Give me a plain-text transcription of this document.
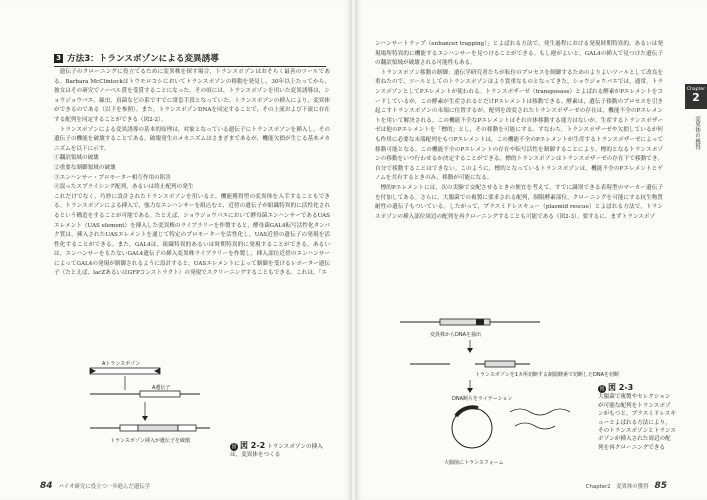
3 方法3：トランスポゾンによる変異誘導

遺伝子のクローニングに役立てるために変異株を探す場合，トランスポゾンはおそらく最善のツールである。Barbara McClintockはトウモロコシにおいてトランスポゾンの移動を発見し，30年以上たってから，彼女はその研究でノーベル賞を受賞することになった。その頃には，トランスポゾンを用いた変異誘導は，ショウジョウバエ，線虫，真菌などの系ですでに常套手段となっていた。トランスポゾンの挿入により，変異体ができるのである（以下を参照）。また，トランスポゾンDNAを同定することで，その上流および下流に存在する配列を同定することができる（図2-2）。

トランスポゾンによる変異誘導の基本的原理は，対象となっている遺伝子にトランスポゾンを挿入し，その遺伝子の機能を破壊することである。破壊発生のメカニズムはさまざまであるが，機能欠損が生じる基本メカニズムを以下に示す。

①翻訳領域の破壊

②重要な制御領域の破壊

③エンハンサー・プロモーター相互作用の阻害

④誤ったスプライシング配列，あるいは終止配列の発生

これだけでなく，巧妙に設計されたトランスポゾンを用いると，機能獲得型の変異体を入手することもできる。トランスポゾンによる挿入で，強力なエンハンサーを組込むと，近傍の遺伝子が組織特異的に活性化されるという構造をすることが可能である。たとえば，ショウジョウバエにおいて酵母菌エンハンサーであるUASエレメント（UAS element）を挿入した変異株のライブラリーを作製すると，酵母菌GAL4転写活性化タンパク質は，挿入されたUASエレメントを通じて特定のプロモーターを活性化し，UAS近傍の遺伝子の発現を活性化することができる。また，GAL4は，組織特異的あるいは時期特異的に発現することができる。あるいは，エンハンサーをもたないGAL4遺伝子の挿入変異株ライブラリーを作製し，挿入部位近傍のエンハンサーによってGAL4の発現が制御されるように設計すると，UASエレメントによって制御を受けるレポーター遺伝子（たとえば，lacZあるいはGFPコンストラクト）の発現でスクリーニングすることもできる。これは，「エ

Aトランスポゾン
A遺伝子
トランスポゾン挿入が遺伝子を破壊
図 図 2-2 トランスポゾンの挿入は，変異体をつくる
84 バイオ研究に役立つ一歩進んだ遺伝学

ンハンサートラップ（enhancer trapping）」とよばれる方法で，発生過程における発現時期特異的，あるいは発現場所特異的に機能するエンハンサーを見つけることができる。もし運がよいと，GAL4の挿入で見つけた遺伝子の翻訳領域が破壊される可能性もある。

トランスポゾン移動の制御：遺伝学研究者たちが転位のプロセスを制御するためのよりよいツールとして改良を重ねたので，ツールとしてのトランスポゾンはより貴重なものとなってきた。ショウジョウバエでは，通常，トランスポゾンとしてPエレメントが使われる。トランスポザーゼ（transposase）とよばれる酵素がPエレメントをコードしているが，この酵素が生産されるとだけPエレメントは移動できる。酵素は，遺伝子移動のプロセスを引き起こすトランスポゾンの末端に位置するが，配列を改変されたトランスポザーゼの存在は，機能不全のPエレメントを用いて解決される。この機能不全なPエレメントはそれ自体移動する能力はないが，生産するトランスポザーゼは他のPエレメントを「標的」とし，その移動を可能にする。すなわち，トランスポザーゼや欠損しているが何も作用に必要な末端配列をもつPエレメントは，この機能不全のPエレメントが生産するトランスポザーゼによって移動可能となる。この機能不全のPエレメントの存在や転写活性を制御することにより，標的となるトランスポゾンの移動をいつ行わせるか決定することができる。標的トランスポゾンはトランスポザーゼの存在下で移動でき，自分で移動することはできない。このように，標的となっているトランスポゾンは，機能不全のPエレメントとゲノムを共有するときのみ，移動が可能になる。

標的Pエレメントには，次の実験で交配させるときの便宜を考えて，すでに識別できる表現型のマーカー遺伝子を付加してある。さらに，大腸菌での複製に要求される配列，制限酵素部位，クローニングを可能にする抗生物質耐性の遺伝子もついている。したがって，プラスミドレスキュー（plasmid rescue）とよばれる方法で，トランスポゾンの挿入部位周辺の配列を再クローニングすることも可能である（図2-3）。要するに，まずトランスポゾ

Chapter
2
変異体の獲得
Chapter2　変異体の獲得 85
変異株からDNAを抽出
トランスポゾンを1カ所切断する制限酵素で切断したDNAを切断
DNA断片をライゲーション
大腸菌にトランスフォーム
図 図 2-3
大腸菌で複製やセレクションが可能な配列をトランスポゾンがもつと，プラスミドレスキューとよばれる方法により，そのトランスポゾンとトランスポゾンが挿入された周辺の配列を再クローニングできる
